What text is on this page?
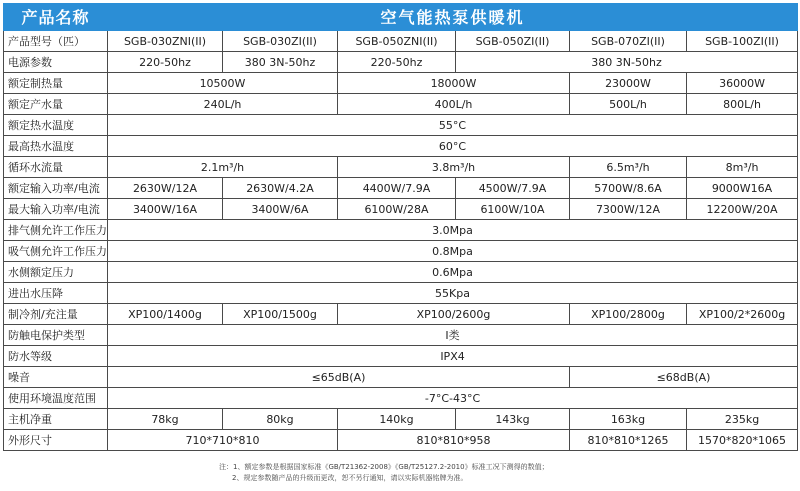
产品名称	空气能热泵供暖机					
产品型号（匹）	SGB-030ZNI(II)	SGB-030ZI(II)	SGB-050ZNI(II)	SGB-050ZI(II)	SGB-070ZI(II)	SGB-100ZI(II)
电源参数	220-50hz	380 3N-50hz	220-50hz	380 3N-50hz		
额定制热量	10500W		18000W		23000W	36000W
额定产水量	240L/h		400L/h		500L/h	800L/h
额定热水温度	55°C					
最高热水温度	60°C					
循环水流量	2.1m³/h		3.8m³/h		6.5m³/h	8m³/h
额定输入功率/电流	2630W/12A	2630W/4.2A	4400W/7.9A	4500W/7.9A	5700W/8.6A	9000W16A
最大输入功率/电流	3400W/16A	3400W/6A	6100W/28A	6100W/10A	7300W/12A	12200W/20A
排气侧允许工作压力	3.0Mpa					
吸气侧允许工作压力	0.8Mpa					
水侧额定压力	0.6Mpa					
进出水压降	55Kpa					
制冷剂/充注量	XP100/1400g	XP100/1500g	XP100/2600g		XP100/2800g	XP100/2*2600g
防触电保护类型	I类					
防水等级	IPX4					
噪音	≤65dB(A)				≤68dB(A)	
使用环境温度范围	-7°C-43°C					
主机净重	78kg	80kg	140kg	143kg	163kg	235kg
外形尺寸	710*710*810		810*810*958		810*810*1265	1570*820*1065
注：1、额定参数是根据国家标准《GB/T21362-2008》《GB/T25127.2-2010》标准工况下测得的数值；
2、规定参数随产品的升级而更改，恕不另行通知，请以实际机器铭牌为准。
